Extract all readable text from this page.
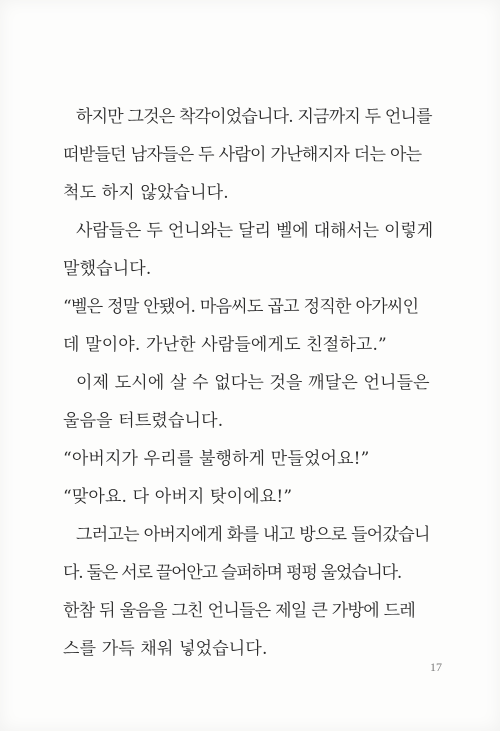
하지만 그것은 착각이었습니다. 지금까지 두 언니를
떠받들던 남자들은 두 사람이 가난해지자 더는 아는
척도 하지 않았습니다.
사람들은 두 언니와는 달리 벨에 대해서는 이렇게
말했습니다.
“벨은 정말 안됐어. 마음씨도 곱고 정직한 아가씨인
데 말이야. 가난한 사람들에게도 친절하고.”
이제 도시에 살 수 없다는 것을 깨달은 언니들은
울음을 터트렸습니다.
“아버지가 우리를 불행하게 만들었어요!”
“맞아요. 다 아버지 탓이에요!”
그러고는 아버지에게 화를 내고 방으로 들어갔습니
다. 둘은 서로 끌어안고 슬퍼하며 펑펑 울었습니다.
한참 뒤 울음을 그친 언니들은 제일 큰 가방에 드레
스를 가득 채워 넣었습니다.
17
